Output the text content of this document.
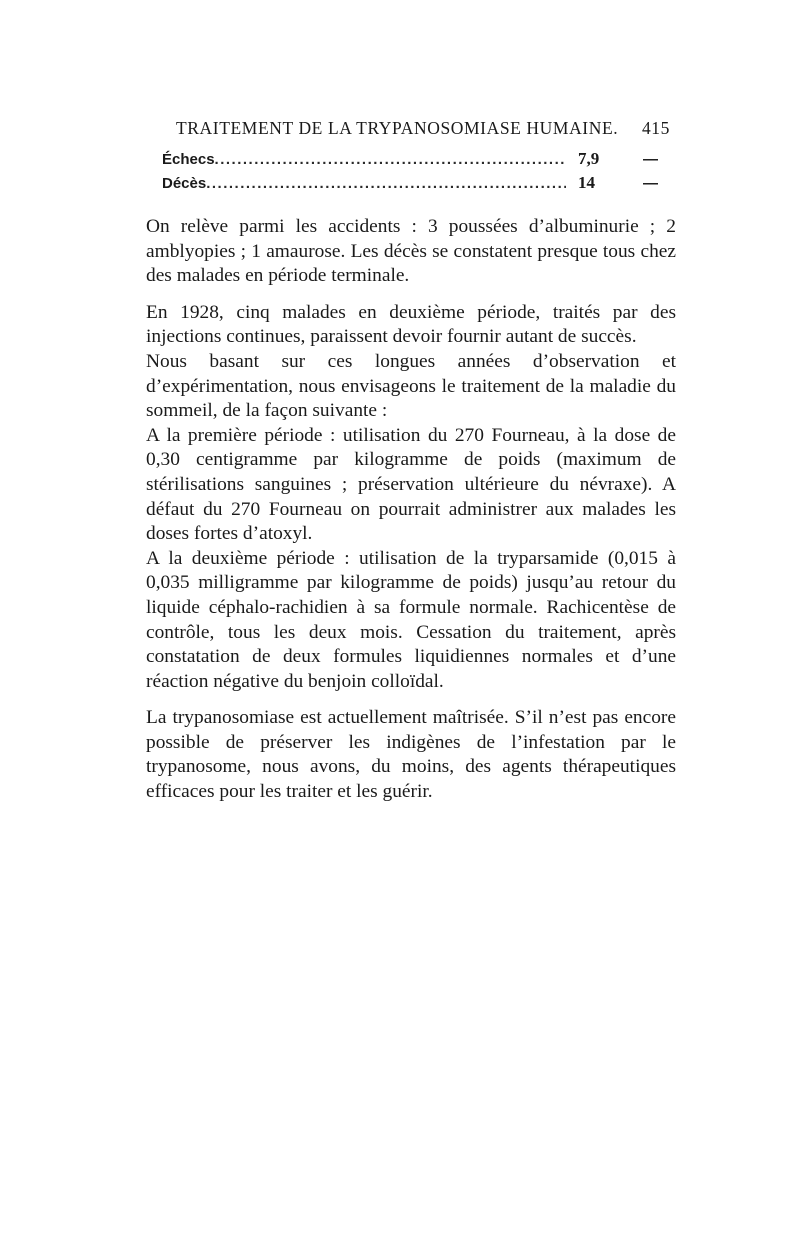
TRAITEMENT DE LA TRYPANOSOMIASE HUMAINE. 415
Échecs .....	7,9	—
Décès .....	14	—

On relève parmi les accidents : 3 poussées d’albuminurie ; 2 amblyopies ; 1 amaurose. Les décès se constatent presque tous chez des malades en période terminale.

En 1928, cinq malades en deuxième période, traités par des injections continues, paraissent devoir fournir autant de succès.

Nous basant sur ces longues années d’observation et d’expérimentation, nous envisageons le traitement de la maladie du sommeil, de la façon suivante :

A la première période : utilisation du 270 Fourneau, à la dose de 0,30 centigramme par kilogramme de poids (maximum de stérilisations sanguines ; préservation ultérieure du névraxe). A défaut du 270 Fourneau on pourrait administrer aux malades les doses fortes d’atoxyl.

A la deuxième période : utilisation de la tryparsamide (0,015 à 0,035 milligramme par kilogramme de poids) jusqu’au retour du liquide céphalo-rachidien à sa formule normale. Rachicentèse de contrôle, tous les deux mois. Cessation du traitement, après constatation de deux formules liquidiennes normales et d’une réaction négative du benjoin colloïdal.

La trypanosomiase est actuellement maîtrisée. S’il n’est pas encore possible de préserver les indigènes de l’infestation par le trypanosome, nous avons, du moins, des agents thérapeutiques efficaces pour les traiter et les guérir.
